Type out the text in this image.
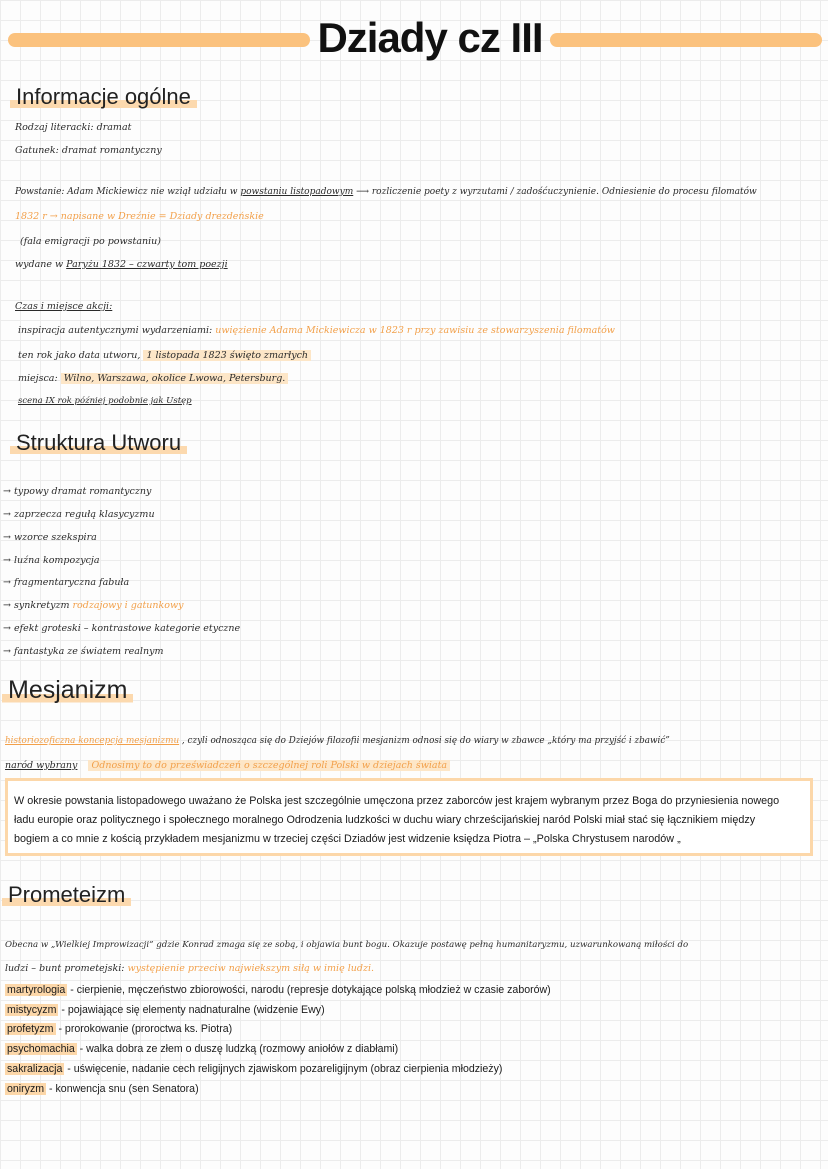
Dziady cz III
Informacje ogólne
Rodzaj literacki: dramat
Gatunek: dramat romantyczny
Powstanie: Adam Mickiewicz nie wziął udziału w powstaniu listopadowym ⟶ rozliczenie poety z wyrzutami / zadośćuczynienie. Odniesienie do procesu filomatów
1832 r → napisane w Dreźnie = Dziady drezdeńskie
(fala emigracji po powstaniu)
wydane w Paryżu 1832 – czwarty tom poezji
Czas i miejsce akcji:
inspiracja autentycznymi wydarzeniami: uwięzienie Adama Mickiewicza w 1823 r przy zawisiu ze stowarzyszenia filomatów
ten rok jako data utworu, 1 listopada 1823 święto zmarłych
miejsca: Wilno, Warszawa, okolice Lwowa, Petersburg.
scena IX rok później podobnie jak Ustęp
Struktura Utworu
→ typowy dramat romantyczny
→ zaprzecza regułą klasycyzmu
→ wzorce szekspira
→ luźna kompozycja
→ fragmentaryczna fabuła
→ synkretyzm rodzajowy i gatunkowy
→ efekt groteski – kontrastowe kategorie etyczne
→ fantastyka ze światem realnym
Mesjanizm
historiozoficzna koncepcja mesjanizmu , czyli odnosząca się do Dziejów filozofii mesjanizm odnosi się do wiary w zbawce „który ma przyjść i zbawić”
naród wybrany Odnosimy to do przeświadczeń o szczególnej roli Polski w dziejach świata
W okresie powstania listopadowego uważano że Polska jest szczególnie umęczona przez zaborców jest krajem wybranym przez Boga do przyniesienia nowego
ładu europie oraz politycznego i społecznego moralnego Odrodzenia ludzkości w duchu wiary chrześcijańskiej naród Polski miał stać się łącznikiem między
bogiem a co mnie z kością przykładem mesjanizmu w trzeciej części Dziadów jest widzenie księdza Piotra – „Polska Chrystusem narodów „
Prometeizm
Obecna w „Wielkiej Improwizacji” gdzie Konrad zmaga się ze sobą, i objawia bunt bogu. Okazuje postawę pełną humanitaryzmu, uzwarunkowaną miłości do
ludzi – bunt prometejski: występienie przeciw najwiekszym siłą w imię ludzi.
martyrologia - cierpienie, męczeństwo zbiorowości, narodu (represje dotykające polską młodzież w czasie zaborów)
mistycyzm - pojawiające się elementy nadnaturalne (widzenie Ewy)
profetyzm - prorokowanie (proroctwa ks. Piotra)
psychomachia - walka dobra ze złem o duszę ludzką (rozmowy aniołów z diabłami)
sakralizacja - uświęcenie, nadanie cech religijnych zjawiskom pozareligijnym (obraz cierpienia młodzieży)
oniryzm - konwencja snu (sen Senatora)
